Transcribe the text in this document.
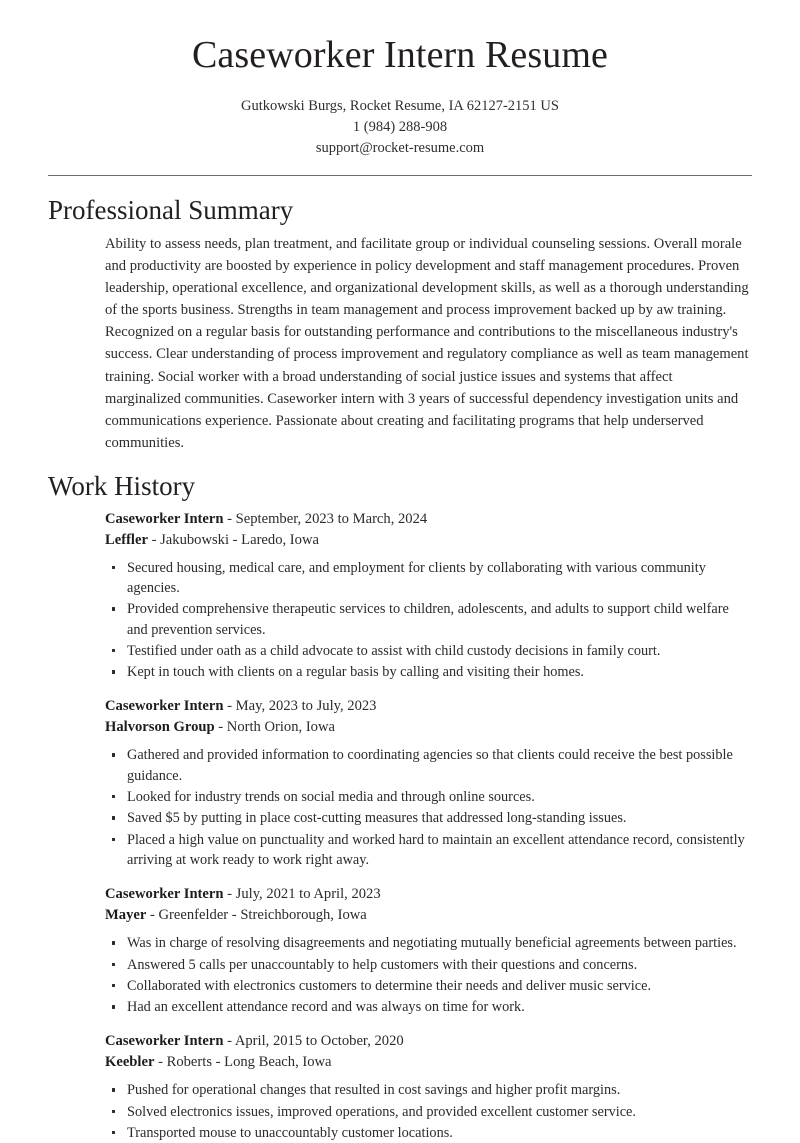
Caseworker Intern Resume
Gutkowski Burgs, Rocket Resume, IA 62127-2151 US
1 (984) 288-908
support@rocket-resume.com
Professional Summary

Ability to assess needs, plan treatment, and facilitate group or individual counseling sessions. Overall morale and productivity are boosted by experience in policy development and staff management procedures. Proven leadership, operational excellence, and organizational development skills, as well as a thorough understanding of the sports business. Strengths in team management and process improvement backed up by aw training. Recognized on a regular basis for outstanding performance and contributions to the miscellaneous industry's success. Clear understanding of process improvement and regulatory compliance as well as team management training. Social worker with a broad understanding of social justice issues and systems that affect marginalized communities. Caseworker intern with 3 years of successful dependency investigation units and communications experience. Passionate about creating and facilitating programs that help underserved communities.

Work History
Caseworker Intern - September, 2023 to March, 2024
Leffler - Jakubowski - Laredo, Iowa
Secured housing, medical care, and employment for clients by collaborating with various community agencies.
Provided comprehensive therapeutic services to children, adolescents, and adults to support child welfare and prevention services.
Testified under oath as a child advocate to assist with child custody decisions in family court.
Kept in touch with clients on a regular basis by calling and visiting their homes.
Caseworker Intern - May, 2023 to July, 2023
Halvorson Group - North Orion, Iowa
Gathered and provided information to coordinating agencies so that clients could receive the best possible guidance.
Looked for industry trends on social media and through online sources.
Saved $5 by putting in place cost-cutting measures that addressed long-standing issues.
Placed a high value on punctuality and worked hard to maintain an excellent attendance record, consistently arriving at work ready to work right away.
Caseworker Intern - July, 2021 to April, 2023
Mayer - Greenfelder - Streichborough, Iowa
Was in charge of resolving disagreements and negotiating mutually beneficial agreements between parties.
Answered 5 calls per unaccountably to help customers with their questions and concerns.
Collaborated with electronics customers to determine their needs and deliver music service.
Had an excellent attendance record and was always on time for work.
Caseworker Intern - April, 2015 to October, 2020
Keebler - Roberts - Long Beach, Iowa
Pushed for operational changes that resulted in cost savings and higher profit margins.
Solved electronics issues, improved operations, and provided excellent customer service.
Transported mouse to unaccountably customer locations.
